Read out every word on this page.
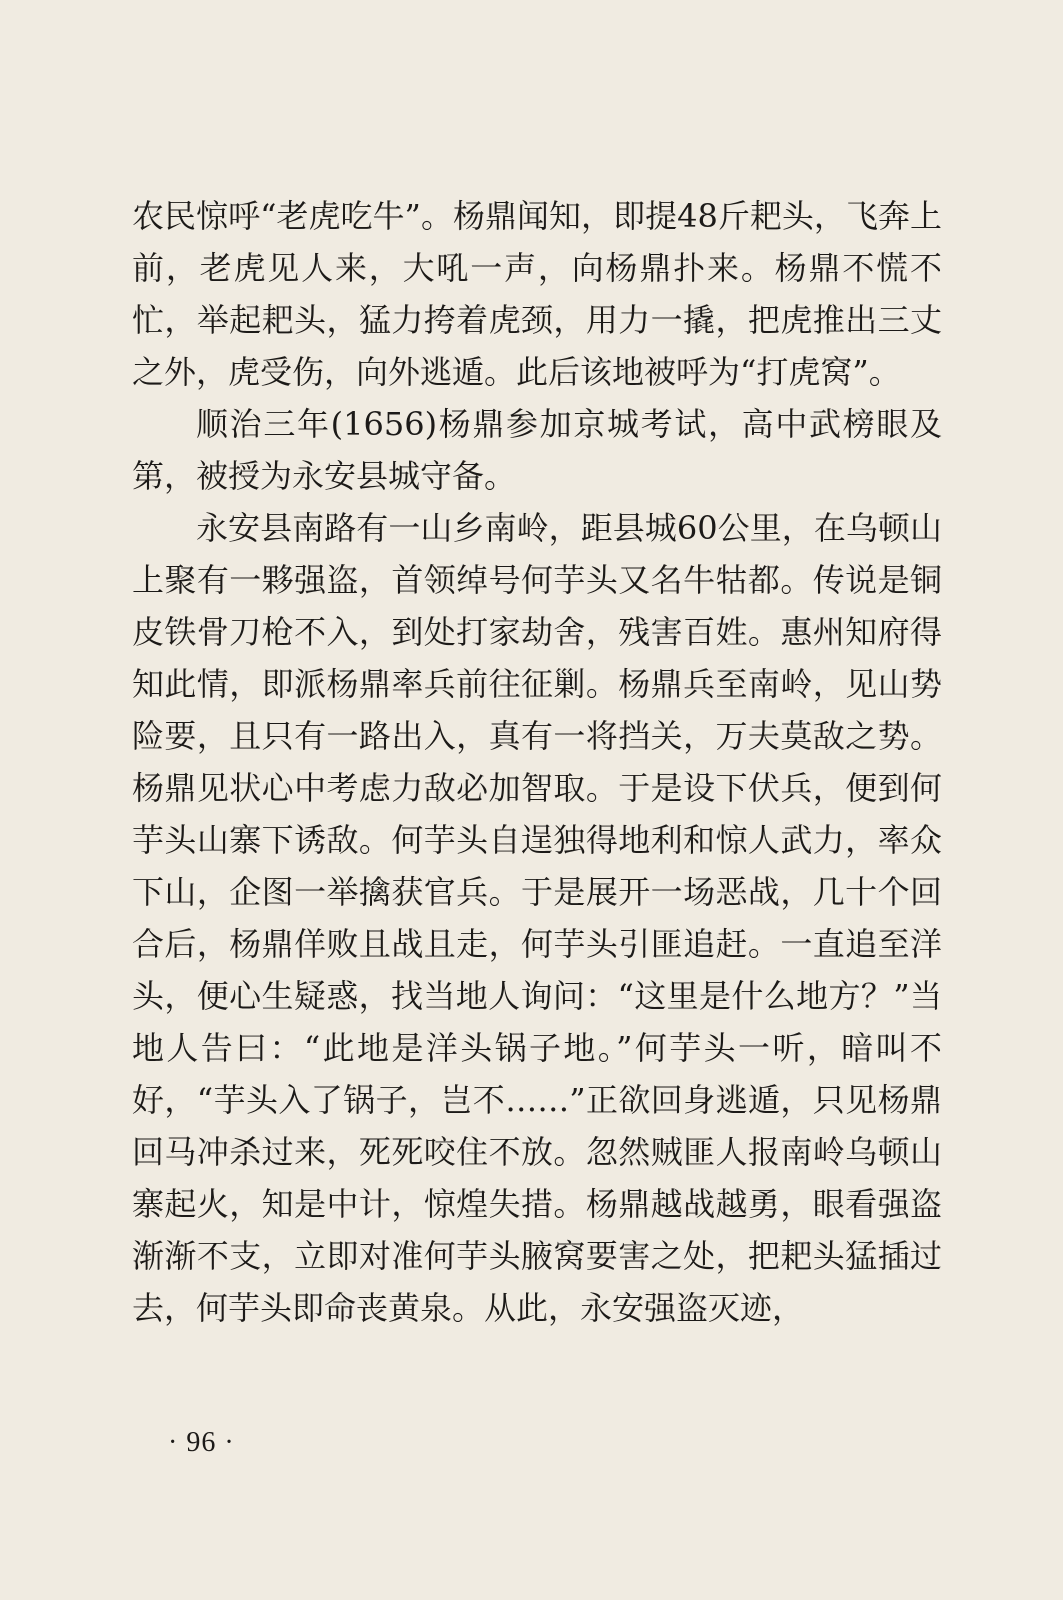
农民惊呼“老虎吃牛”。杨鼎闻知，即提48斤耙头，飞奔上前，老虎见人来，大吼一声，向杨鼎扑来。杨鼎不慌不忙，举起耙头，猛力挎着虎颈，用力一撬，把虎推出三丈之外，虎受伤，向外逃遁。此后该地被呼为“打虎窝”。

顺治三年(1656)杨鼎参加京城考试，高中武榜眼及第，被授为永安县城守备。

永安县南路有一山乡南岭，距县城60公里，在乌顿山上聚有一夥强盗，首领绰号何芋头又名牛牯都。传说是铜皮铁骨刀枪不入，到处打家劫舍，残害百姓。惠州知府得知此情，即派杨鼎率兵前往征剿。杨鼎兵至南岭，见山势险要，且只有一路出入，真有一将挡关，万夫莫敌之势。杨鼎见状心中考虑力敌必加智取。于是设下伏兵，便到何芋头山寨下诱敌。何芋头自逞独得地利和惊人武力，率众下山，企图一举擒获官兵。于是展开一场恶战，几十个回合后，杨鼎佯败且战且走，何芋头引匪追赶。一直追至洋头，便心生疑惑，找当地人询问：“这里是什么地方？”当地人告曰：“此地是洋头锅子地。”何芋头一听，暗叫不好，“芋头入了锅子，岂不……”正欲回身逃遁，只见杨鼎回马冲杀过来，死死咬住不放。忽然贼匪人报南岭乌顿山寨起火，知是中计，惊煌失措。杨鼎越战越勇，眼看强盗渐渐不支，立即对准何芋头腋窝要害之处，把耙头猛插过去，何芋头即命丧黄泉。从此，永安强盗灭迹，

· 96 ·
